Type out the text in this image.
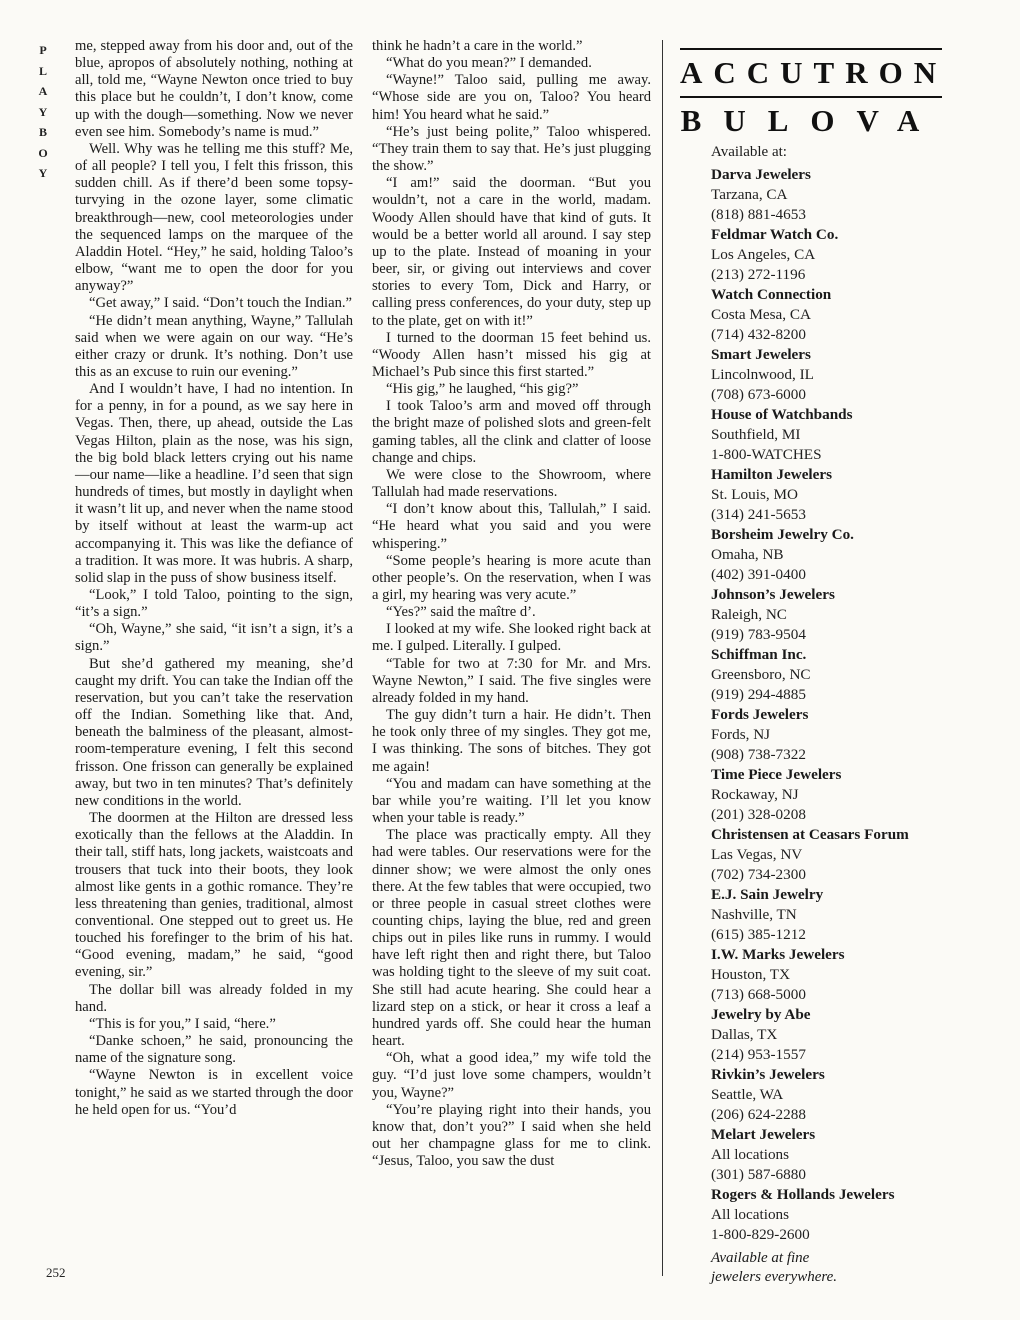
P
L
A
Y
B
O
Y
252

me, stepped away from his door and, out of the blue, apropos of absolutely nothing, nothing at all, told me, “Wayne Newton once tried to buy this place but he couldn’t, I don’t know, come up with the dough—something. Now we never even see him. Somebody’s name is mud.”

Well. Why was he telling me this stuff? Me, of all people? I tell you, I felt this frisson, this sudden chill. As if there’d been some topsy-turvying in the ozone layer, some climatic breakthrough—new, cool meteorologies under the sequenced lamps on the marquee of the Aladdin Hotel. “Hey,” he said, holding Taloo’s elbow, “want me to open the door for you anyway?”

“Get away,” I said. “Don’t touch the Indian.”

“He didn’t mean anything, Wayne,” Tallulah said when we were again on our way. “He’s either crazy or drunk. It’s nothing. Don’t use this as an excuse to ruin our evening.”

And I wouldn’t have, I had no intention. In for a penny, in for a pound, as we say here in Vegas. Then, there, up ahead, outside the Las Vegas Hilton, plain as the nose, was his sign, the big bold black letters crying out his name—our name—like a headline. I’d seen that sign hundreds of times, but mostly in daylight when it wasn’t lit up, and never when the name stood by itself without at least the warm-up act accompanying it. This was like the defiance of a tradition. It was more. It was hubris. A sharp, solid slap in the puss of show business itself.

“Look,” I told Taloo, pointing to the sign, “it’s a sign.”

“Oh, Wayne,” she said, “it isn’t a sign, it’s a sign.”

But she’d gathered my meaning, she’d caught my drift. You can take the Indian off the reservation, but you can’t take the reservation off the Indian. Something like that. And, beneath the balminess of the pleasant, almost-room-temperature evening, I felt this second frisson. One frisson can generally be explained away, but two in ten minutes? That’s definitely new conditions in the world.

The doormen at the Hilton are dressed less exotically than the fellows at the Aladdin. In their tall, stiff hats, long jackets, waistcoats and trousers that tuck into their boots, they look almost like gents in a gothic romance. They’re less threatening than genies, traditional, almost conventional. One stepped out to greet us. He touched his forefinger to the brim of his hat. “Good evening, madam,” he said, “good evening, sir.”

The dollar bill was already folded in my hand.

“This is for you,” I said, “here.”

“Danke schoen,” he said, pronouncing the name of the signature song.

“Wayne Newton is in excellent voice tonight,” he said as we started through the door he held open for us. “You’d

think he hadn’t a care in the world.”

“What do you mean?” I demanded.

“Wayne!” Taloo said, pulling me away. “Whose side are you on, Taloo? You heard him! You heard what he said.”

“He’s just being polite,” Taloo whispered. “They train them to say that. He’s just plugging the show.”

“I am!” said the doorman. “But you wouldn’t, not a care in the world, madam. Woody Allen should have that kind of guts. It would be a better world all around. I say step up to the plate. Instead of moaning in your beer, sir, or giving out interviews and cover stories to every Tom, Dick and Harry, or calling press conferences, do your duty, step up to the plate, get on with it!”

I turned to the doorman 15 feet behind us. “Woody Allen hasn’t missed his gig at Michael’s Pub since this first started.”

“His gig,” he laughed, “his gig?”

I took Taloo’s arm and moved off through the bright maze of polished slots and green-felt gaming tables, all the clink and clatter of loose change and chips.

We were close to the Showroom, where Tallulah had made reservations.

“I don’t know about this, Tallulah,” I said. “He heard what you said and you were whispering.”

“Some people’s hearing is more acute than other people’s. On the reservation, when I was a girl, my hearing was very acute.”

“Yes?” said the maître d’.

I looked at my wife. She looked right back at me. I gulped. Literally. I gulped.

“Table for two at 7:30 for Mr. and Mrs. Wayne Newton,” I said. The five singles were already folded in my hand.

The guy didn’t turn a hair. He didn’t. Then he took only three of my singles. They got me, I was thinking. The sons of bitches. They got me again!

“You and madam can have something at the bar while you’re waiting. I’ll let you know when your table is ready.”

The place was practically empty. All they had were tables. Our reservations were for the dinner show; we were almost the only ones there. At the few tables that were occupied, two or three people in casual street clothes were counting chips, laying the blue, red and green chips out in piles like runs in rummy. I would have left right then and right there, but Taloo was holding tight to the sleeve of my suit coat. She still had acute hearing. She could hear a lizard step on a stick, or hear it cross a leaf a hundred yards off. She could hear the human heart.

“Oh, what a good idea,” my wife told the guy. “I’d just love some champers, wouldn’t you, Wayne?”

“You’re playing right into their hands, you know that, don’t you?” I said when she held out her champagne glass for me to clink. “Jesus, Taloo, you saw the dust

ACCUTRON
BULOVA
Available at:
Darva Jewelers
Tarzana, CA
(818) 881-4653
Feldmar Watch Co.
Los Angeles, CA
(213) 272-1196
Watch Connection
Costa Mesa, CA
(714) 432-8200
Smart Jewelers
Lincolnwood, IL
(708) 673-6000
House of Watchbands
Southfield, MI
1-800-WATCHES
Hamilton Jewelers
St. Louis, MO
(314) 241-5653
Borsheim Jewelry Co.
Omaha, NB
(402) 391-0400
Johnson’s Jewelers
Raleigh, NC
(919) 783-9504
Schiffman Inc.
Greensboro, NC
(919) 294-4885
Fords Jewelers
Fords, NJ
(908) 738-7322
Time Piece Jewelers
Rockaway, NJ
(201) 328-0208
Christensen at Ceasars Forum
Las Vegas, NV
(702) 734-2300
E.J. Sain Jewelry
Nashville, TN
(615) 385-1212
I.W. Marks Jewelers
Houston, TX
(713) 668-5000
Jewelry by Abe
Dallas, TX
(214) 953-1557
Rivkin’s Jewelers
Seattle, WA
(206) 624-2288
Melart Jewelers
All locations
(301) 587-6880
Rogers & Hollands Jewelers
All locations
1-800-829-2600
Available at fine
jewelers everywhere.
